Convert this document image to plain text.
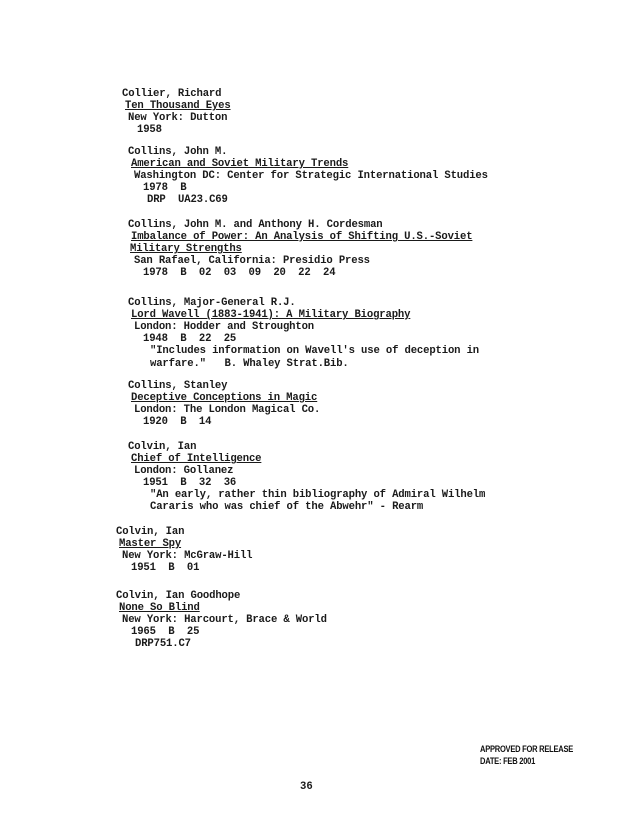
Collier, Richard
Ten Thousand Eyes
New York: Dutton
1958
Collins, John M.
American and Soviet Military Trends
Washington DC: Center for Strategic International Studies
1978  B
DRP  UA23.C69
Collins, John M. and Anthony H. Cordesman
Imbalance of Power: An Analysis of Shifting U.S.-Soviet
Military Strengths
San Rafael, California: Presidio Press
1978  B  02  03  09  20  22  24
Collins, Major-General R.J.
Lord Wavell (1883-1941): A Military Biography
London: Hodder and Stroughton
1948  B  22  25
"Includes information on Wavell's use of deception in
warfare."   B. Whaley Strat.Bib.
Collins, Stanley
Deceptive Conceptions in Magic
London: The London Magical Co.
1920  B  14
Colvin, Ian
Chief of Intelligence
London: Gollanez
1951  B  32  36
"An early, rather thin bibliography of Admiral Wilhelm
Cararis who was chief of the Abwehr" - Rearm
Colvin, Ian
Master Spy
New York: McGraw-Hill
1951  B  01
Colvin, Ian Goodhope
None So Blind
New York: Harcourt, Brace & World
1965  B  25
DRP751.C7
APPROVED FOR RELEASE
DATE: FEB 2001
36
